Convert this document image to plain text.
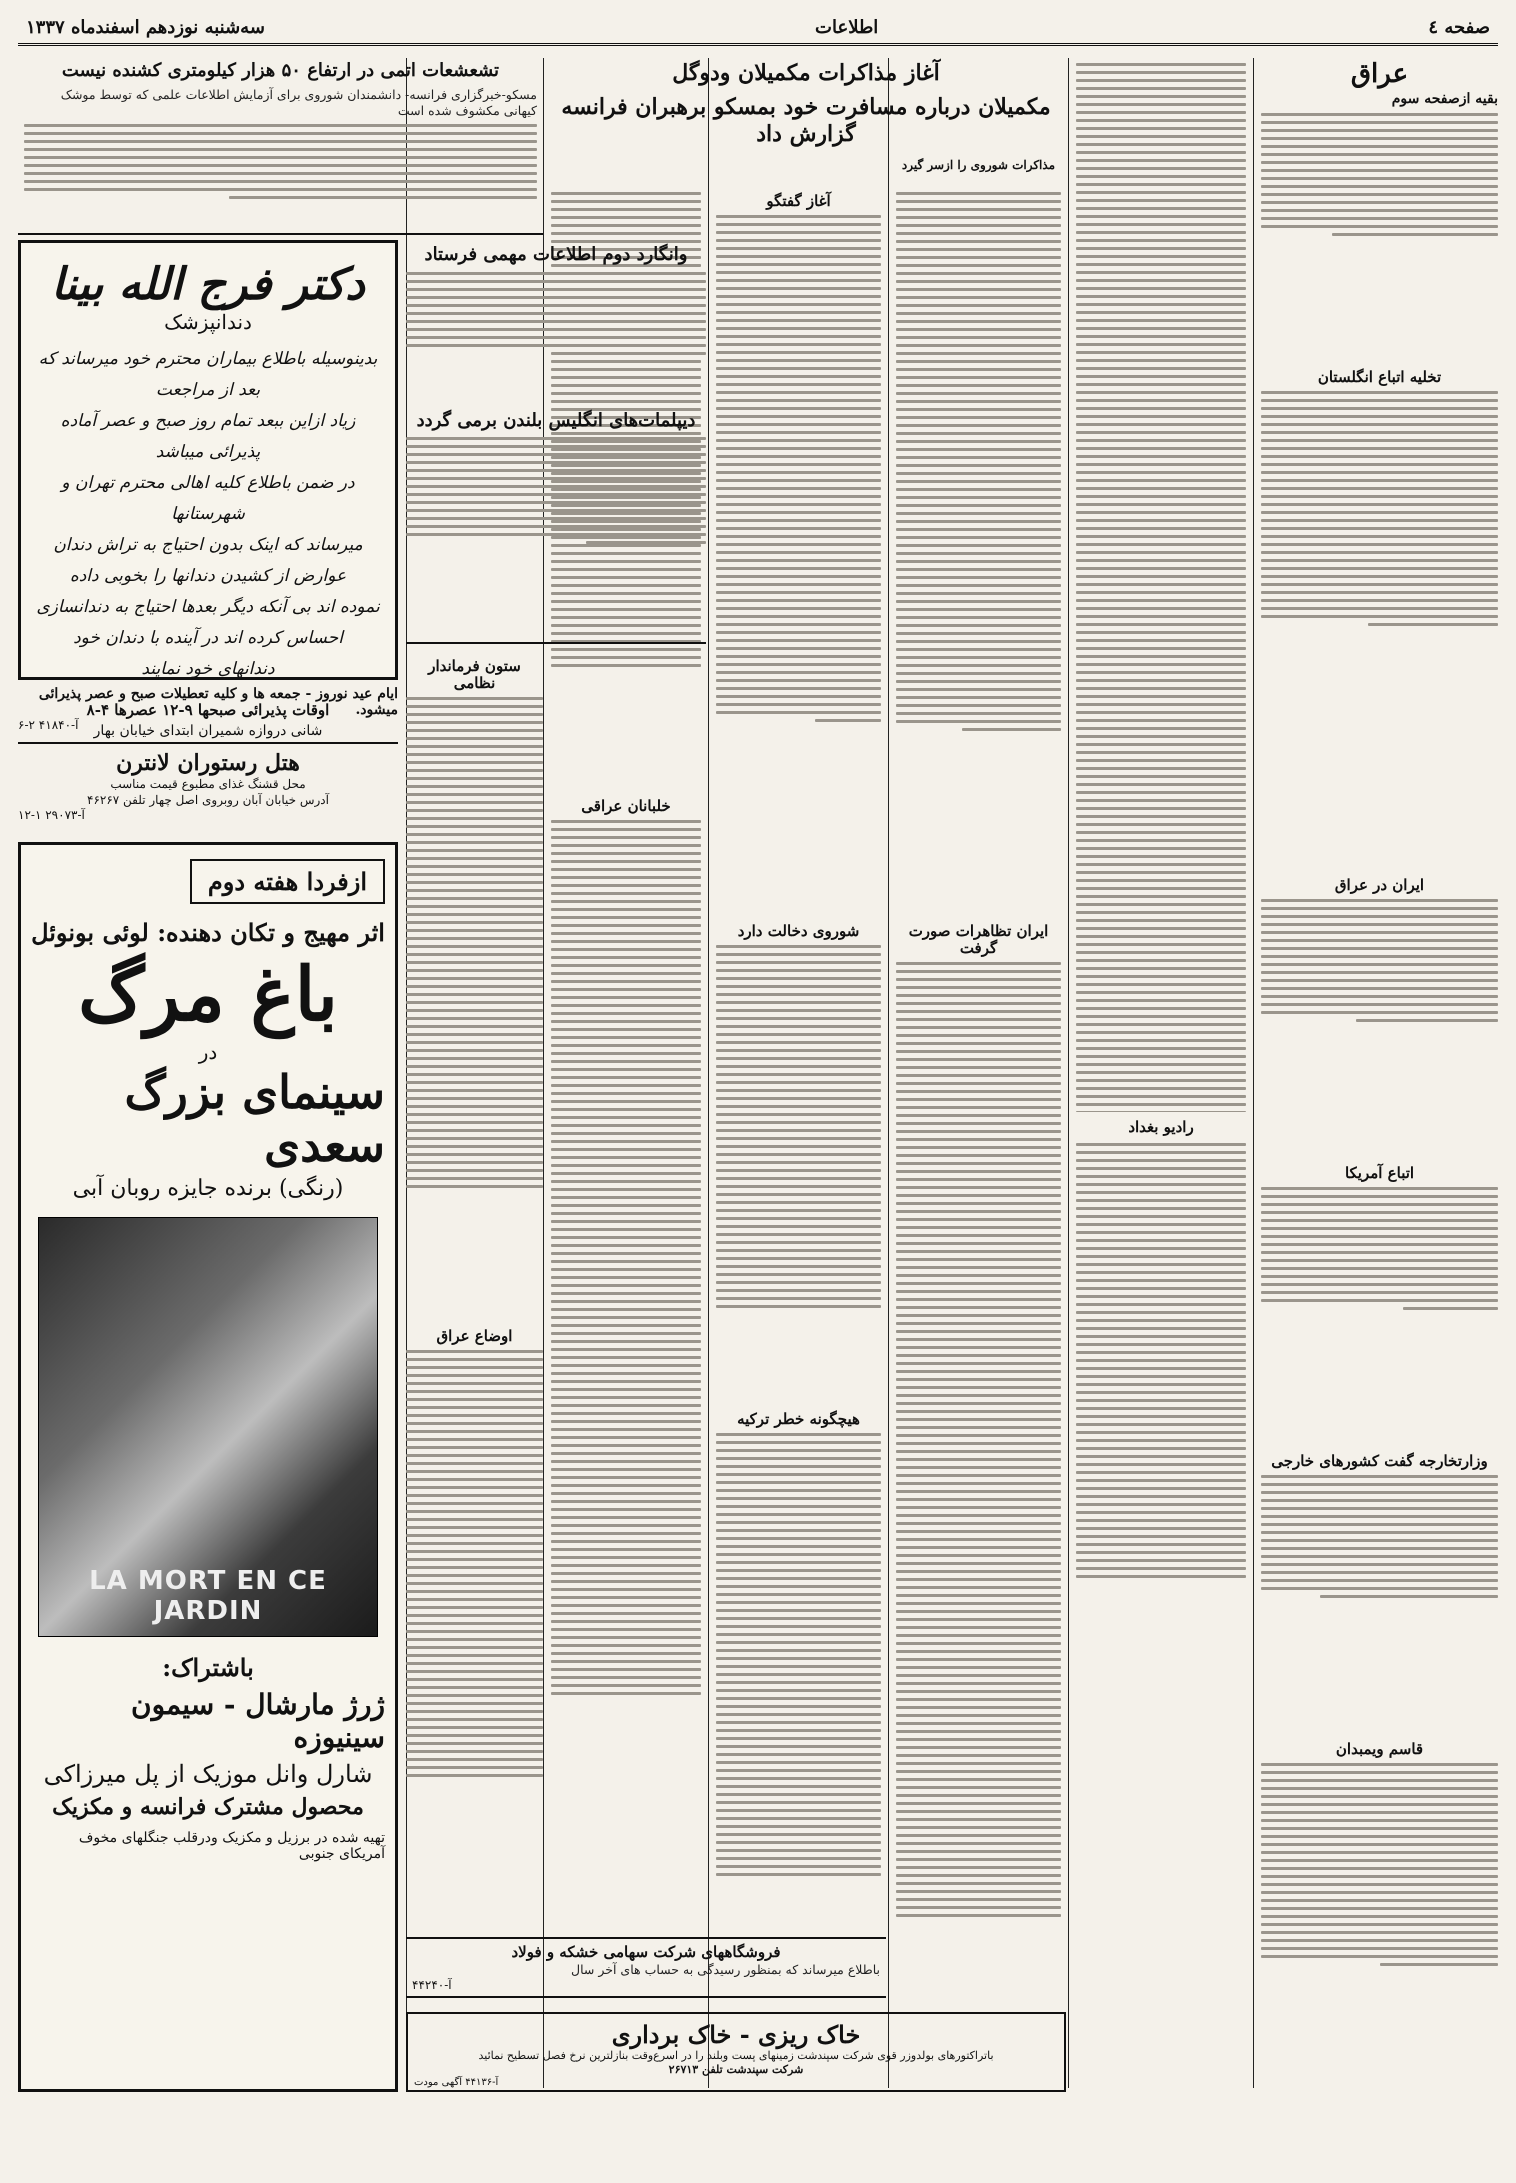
صفحه ٤
اطلاعات
سه‌شنبه نوزدهم اسفندماه ۱۳۳۷
عراق
بقیه ازصفحه سوم
تخلیه اتباع انگلستان
ایران در عراق
اتباع آمریکا
وزارتخارجه گفت کشورهای خارجی
قاسم ویمبدان
آغاز مذاکرات مکمیلان ودوگل
مکمیلان درباره مسافرت خود بمسکو برهبران فرانسه گزارش داد
آغاز گفتگو
ایران تظاهرات صورت گرفت
شوروی دخالت دارد
هیچگونه خطر ترکیه
خلبانان عراقی
تشعشعات اتمی در ارتفاع ۵۰ هزار کیلومتری کشنده نیست
مسکو-خبرگزاری فرانسه- دانشمندان شوروی برای آزمایش اطلاعات علمی که توسط موشک کیهانی مکشوف شده است
وانگارد دوم اطلاعات مهمی فرستاد
دیپلمات‌های انگلیس بلندن برمی گردد
ستون فرماندار نظامی
اوضاع عراق
دکتر فرج الله بینا
دندانپزشک
بدینوسیله باطلاع بیماران محترم خود میرساند که بعد از مراجعت
زیاد ازاین ببعد تمام روز صبح و عصر آماده پذیرائی میباشد
در ضمن باطلاع کلیه اهالی محترم تهران و شهرستانها
میرساند که اینک بدون احتیاج به تراش دندان
عوارض از کشیدن دندانها را بخوبی داده
نموده اند بی آنکه دیگر بعدها احتیاج به دندانسازی
احساس کرده اند در آینده با دندان خود
دندانهای خود نمایند
اوقات پذیرائی صبحها ۹-۱۲ عصرها ۴-۸
شانی دروازه شمیران ابتدای خیابان بهار
ایام عید نوروز - جمعه ها و کلیه تعطیلات صبح و عصر پذیرائی میشود.
آ-۴۱۸۴۰ ۲-۶
هتل رستوران لانترن
محل قشنگ غذای مطبوع قیمت مناسب
آدرس خیابان آبان روبروی اصل چهار تلفن ۴۶۲۶۷
آ-۲۹۰۷۳ ۱-۱۲
ازفردا هفته دوم
اثر مهیج و تکان دهنده: لوئی بونوئل
باغ مرگ
در
سینمای بزرگ سعدی
(رنگی) برنده جایزه روبان آبی
LA MORT EN CE JARDIN
باشتراک:
ژرژ مارشال - سیمون سینیوزه
شارل وانل موزیک از پل میرزاکی
محصول مشترک فرانسه و مکزیک
تهیه شده در برزیل و مکزیک ودرقلب جنگلهای مخوف آمریکای جنوبی
فروشگاههای شرکت سهامی خشکه و فولاد
باطلاع میرساند که بمنظور رسیدگی به حساب های آخر سال
آ-۴۴۲۴۰
خاک ریزی - خاک برداری
باتراکتورهای بولدوزر قوی شرکت سپندشت زمینهای پست وبلند را در اسرع‌وقت بنازلترین نرخ فصل تسطیح نمائید
شرکت سپندشت تلفن ۲۶۷۱۳
آ-۴۴۱۳۶ آگهی مودت
مذاکرات شوروی را ازسر گیرد
رادیو بغداد
